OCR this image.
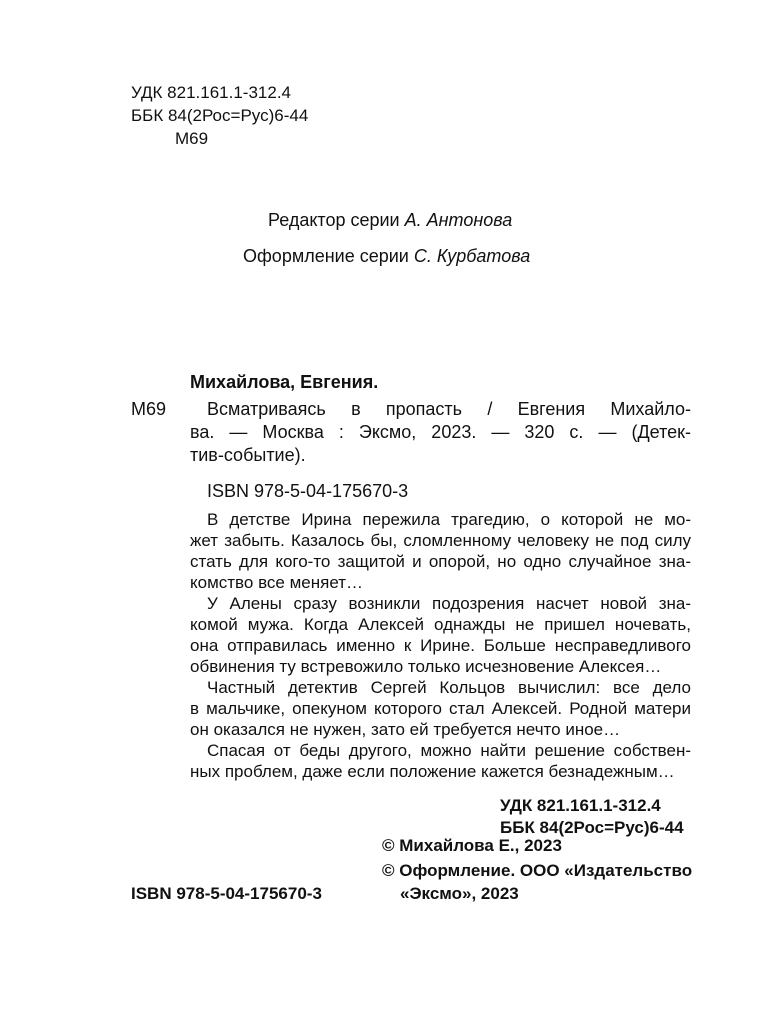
УДК 821.161.1-312.4
ББК 84(2Рос=Рус)6-44
М69
Редактор серии А. Антонова
Оформление серии С. Курбатова
Михайлова, Евгения.
М69 Всматриваясь в пропасть / Евгения Михайло-
ва. — Москва : Эксмо, 2023. — 320 с. — (Детек-
тив-событие).
ISBN 978-5-04-175670-3
В детстве Ирина пережила трагедию, о которой не мо-
жет забыть. Казалось бы, сломленному человеку не под силу
стать для кого-то защитой и опорой, но одно случайное зна-
комство все меняет…
У Алены сразу возникли подозрения насчет новой зна-
комой мужа. Когда Алексей однажды не пришел ночевать,
она отправилась именно к Ирине. Больше несправедливого
обвинения ту встревожило только исчезновение Алексея…
Частный детектив Сергей Кольцов вычислил: все дело
в мальчике, опекуном которого стал Алексей. Родной матери
он оказался не нужен, зато ей требуется нечто иное…
Спасая от беды другого, можно найти решение собствен-
ных проблем, даже если положение кажется безнадежным…
УДК 821.161.1-312.4
ББК 84(2Рос=Рус)6-44
© Михайлова Е., 2023
© Оформление. ООО «Издательство
«Эксмо», 2023
ISBN 978-5-04-175670-3
